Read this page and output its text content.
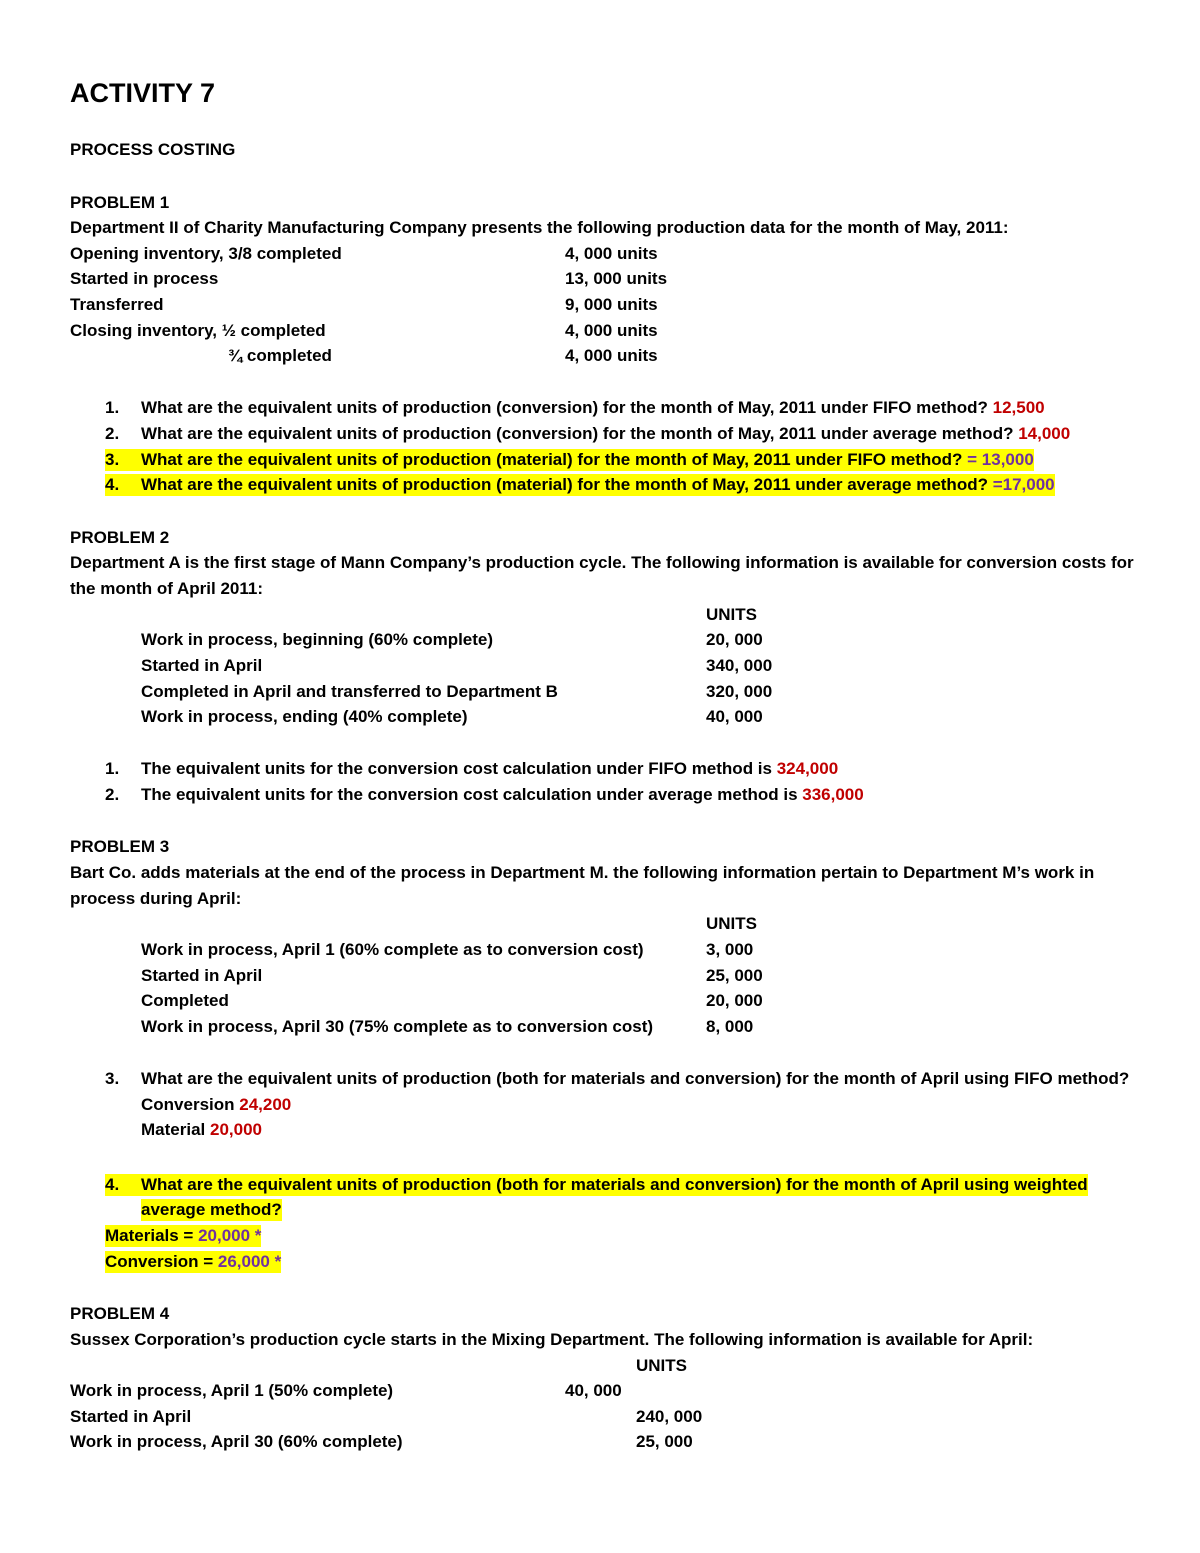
ACTIVITY 7
PROCESS COSTING
PROBLEM 1
Department II of Charity Manufacturing Company presents the following production data for the month of May, 2011:
Opening inventory, 3/8 completed	4, 000 units
Started in process	13, 000 units
Transferred	9, 000 units
Closing inventory, ½ completed	4, 000 units
¾ completed	4, 000 units
1. What are the equivalent units of production (conversion) for the month of May, 2011 under FIFO method? 12,500
2. What are the equivalent units of production (conversion) for the month of May, 2011 under average method? 14,000
3. What are the equivalent units of production (material) for the month of May, 2011 under FIFO method? = 13,000
4. What are the equivalent units of production (material) for the month of May, 2011 under average method? =17,000
PROBLEM 2
Department A is the first stage of Mann Company’s production cycle. The following information is available for conversion costs for
the month of April 2011:
UNITS
Work in process, beginning (60% complete)	20, 000
Started in April	340, 000
Completed in April and transferred to Department B	320, 000
Work in process, ending (40% complete)	40, 000
1. The equivalent units for the conversion cost calculation under FIFO method is 324,000
2. The equivalent units for the conversion cost calculation under average method is 336,000
PROBLEM 3
Bart Co. adds materials at the end of the process in Department M. the following information pertain to Department M’s work in
process during April:
UNITS
Work in process, April 1 (60% complete as to conversion cost)	3, 000
Started in April	25, 000
Completed	20, 000
Work in process, April 30 (75% complete as to conversion cost)	8, 000
3. What are the equivalent units of production (both for materials and conversion) for the month of April using FIFO method?
Conversion 24,200
Material 20,000
4. What are the equivalent units of production (both for materials and conversion) for the month of April using weighted
average method?
Materials = 20,000 *
Conversion = 26,000 *
PROBLEM 4
Sussex Corporation’s production cycle starts in the Mixing Department. The following information is available for April:
UNITS
Work in process, April 1 (50% complete)	40, 000
Started in April	240, 000
Work in process, April 30 (60% complete)	25, 000
